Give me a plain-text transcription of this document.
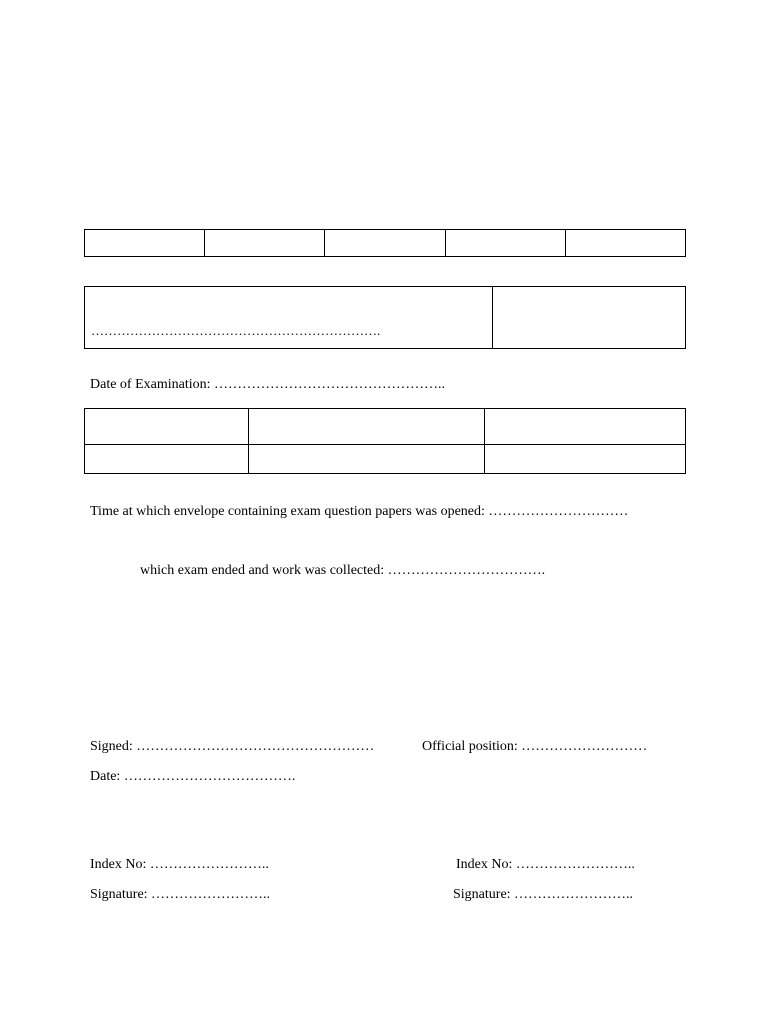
………………………………………………………….
Date of Examination: …………………………………………..
Time at which envelope containing exam question papers was opened: …………………………
which exam ended and work was collected: …………………………….
Signed: ……………………………………………	Official position: ………………………
Date: ……………………………….
Index No: ……………………..
Signature: ……………………..
Index No: ……………………..
Signature: ……………………..
